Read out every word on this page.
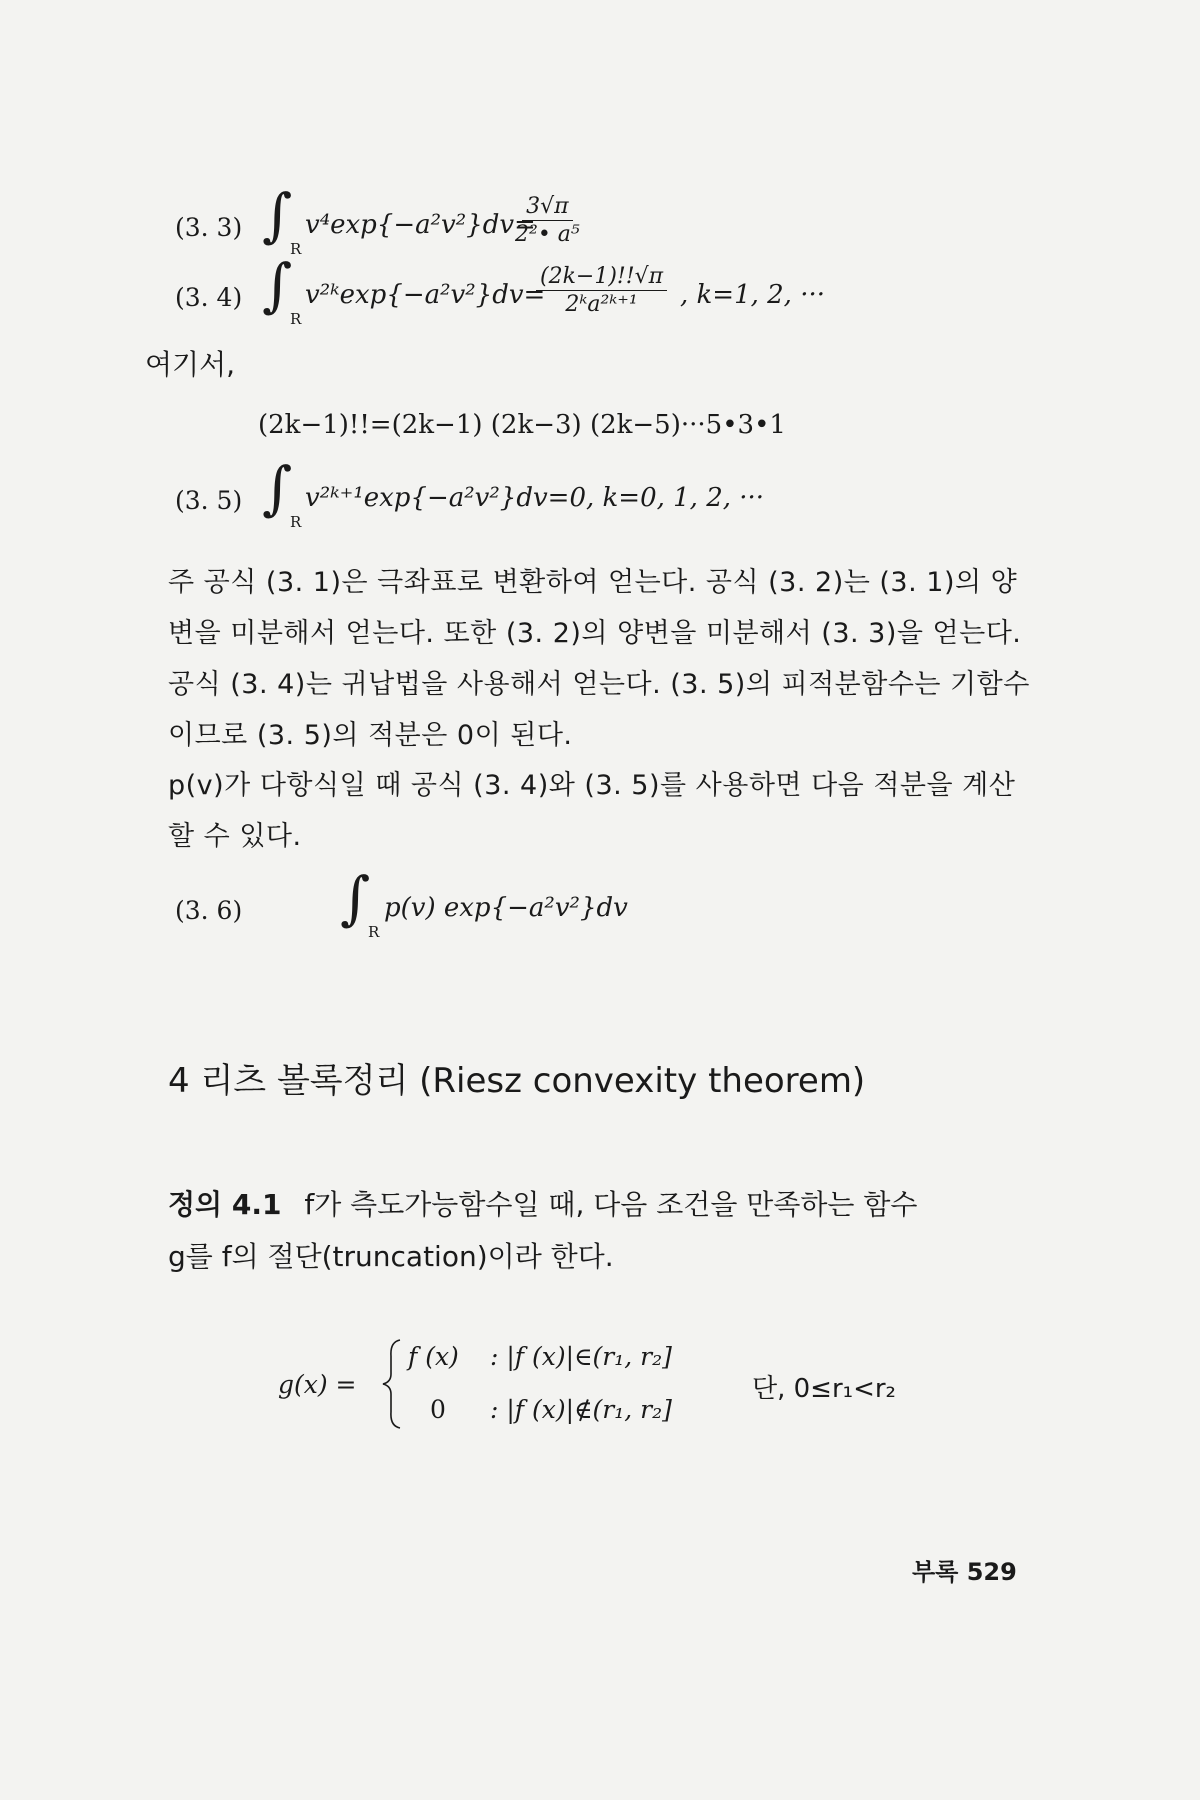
(3. 3) ∫
R
v⁴exp{−a²v²}dv=
$\frac{3√\pi}{\text{2²• a⁵}}$
(3. 4) ∫
R
v²ᵏexp{−a²v²}dv=
$\frac{(2k-1)!!√\pi}{\text{2ᵏa²ᵏ⁺¹}}$ , k=1, 2, ···
여기서,
(2k−1)!!=(2k−1) (2k−3) (2k−5)···5•3•1
(3. 5) ∫
R
v²ᵏ⁺¹exp{−a²v²}dv=0, k=0, 1, 2, ···
주 공식 (3. 1)은 극좌표로 변환하여 얻는다. 공식 (3. 2)는 (3. 1)의 양변을 미분해서 얻는다. 또한 (3. 2)의 양변을 미분해서 (3. 3)을 얻는다. 공식 (3. 4)는 귀납법을 사용해서 얻는다. (3. 5)의 피적분함수는 기함수이므로 (3. 5)의 적분은 0이 된다.
p(v)가 다항식일 때 공식 (3. 4)와 (3. 5)를 사용하면 다음 적분을 계산할 수 있다.
(3. 6) ∫
R
p(v) exp{−a²v²}dv
4 리츠 볼록정리 (Riesz convexity theorem)
정의 4.1 f가 측도가능함수일 때, 다음 조건을 만족하는 함수
g를 f의 절단(truncation)이라 한다.
g(x) =
f (x) : |f (x)|∈(r₁, r₂]
0 : |f (x)|∉(r₁, r₂]
단, 0≤r₁<r₂
부록 529
